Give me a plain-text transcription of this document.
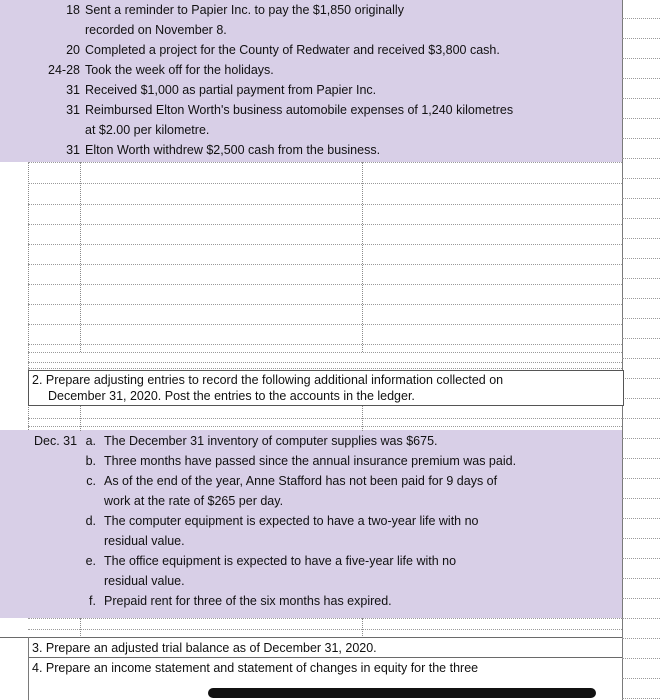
18 Sent a reminder to Papier Inc. to pay the $1,850 originally
recorded on November 8.
20 Completed a project for the County of Redwater and received $3,800 cash.
24-28 Took the week off for the holidays.
31 Received $1,000 as partial payment from Papier Inc.
31 Reimbursed Elton Worth's business automobile expenses of 1,240 kilometres
at $2.00 per kilometre.
31 Elton Worth withdrew $2,500 cash from the business.
2. Prepare adjusting entries to record the following additional information collected on
December 31, 2020. Post the entries to the accounts in the ledger.
Dec. 31 a. The December 31 inventory of computer supplies was $675.
b. Three months have passed since the annual insurance premium was paid.
c. As of the end of the year, Anne Stafford has not been paid for 9 days of
work at the rate of $265 per day.
d. The computer equipment is expected to have a two-year life with no
residual value.
e. The office equipment is expected to have a five-year life with no
residual value.
f. Prepaid rent for three of the six months has expired.
3. Prepare an adjusted trial balance as of December 31, 2020.
4. Prepare an income statement and statement of changes in equity for the three
